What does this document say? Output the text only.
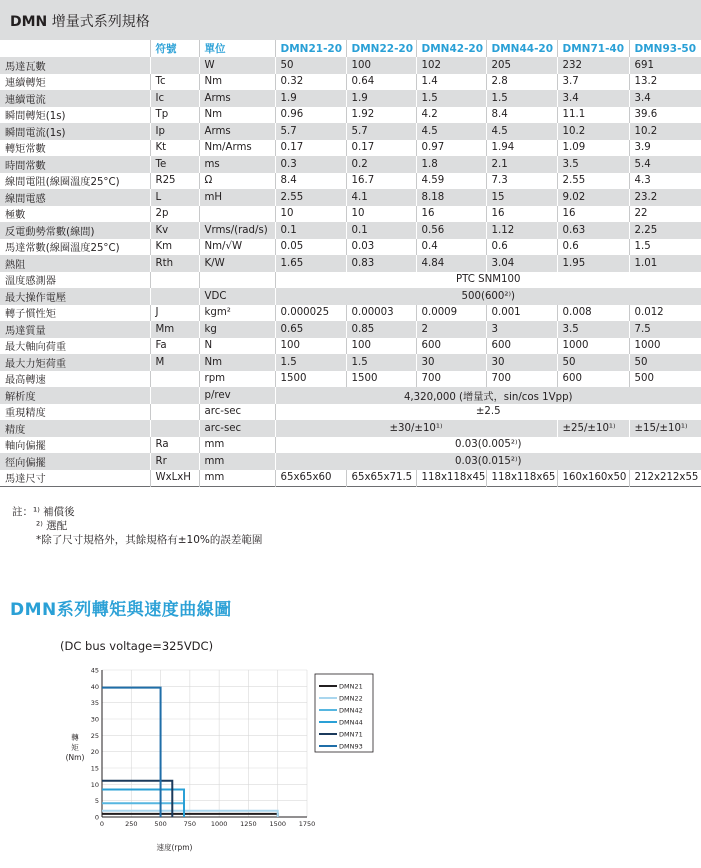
DMN 增量式系列規格
	符號	單位	DMN21-20	DMN22-20	DMN42-20	DMN44-20	DMN71-40	DMN93-50
馬達瓦數		W	50	100	102	205	232	691
連續轉矩	Tc	Nm	0.32	0.64	1.4	2.8	3.7	13.2
連續電流	Ic	Arms	1.9	1.9	1.5	1.5	3.4	3.4
瞬間轉矩(1s)	Tp	Nm	0.96	1.92	4.2	8.4	11.1	39.6
瞬間電流(1s)	Ip	Arms	5.7	5.7	4.5	4.5	10.2	10.2
轉矩常數	Kt	Nm/Arms	0.17	0.17	0.97	1.94	1.09	3.9
時間常數	Te	ms	0.3	0.2	1.8	2.1	3.5	5.4
線間電阻(線圈溫度25°C)	R25	Ω	8.4	16.7	4.59	7.3	2.55	4.3
線間電感	L	mH	2.55	4.1	8.18	15	9.02	23.2
極數	2p		10	10	16	16	16	22
反電動勢常數(線間)	Kv	Vrms/(rad/s)	0.1	0.1	0.56	1.12	0.63	2.25
馬達常數(線圈溫度25°C)	Km	Nm/√W	0.05	0.03	0.4	0.6	0.6	1.5
熱阻	Rth	K/W	1.65	0.83	4.84	3.04	1.95	1.01
溫度感測器			PTC SNM100					
最大操作電壓		VDC	500(600²⁾)					
轉子慣性矩	J	kgm²	0.000025	0.00003	0.0009	0.001	0.008	0.012
馬達質量	Mm	kg	0.65	0.85	2	3	3.5	7.5
最大軸向荷重	Fa	N	100	100	600	600	1000	1000
最大力矩荷重	M	Nm	1.5	1.5	30	30	50	50
最高轉速		rpm	1500	1500	700	700	600	500
解析度		p/rev	4,320,000 (增量式，sin/cos 1Vpp)					
重現精度		arc-sec	±2.5					
精度		arc-sec	±30/±10¹⁾				±25/±10¹⁾	±15/±10¹⁾
軸向偏擺	Ra	mm	0.03(0.005²⁾)					
徑向偏擺	Rr	mm	0.03(0.015²⁾)					
馬達尺寸	WxLxH	mm	65x65x60	65x65x71.5	118x118x45	118x118x65	160x160x50	212x212x55
註：¹⁾ 補償後
²⁾ 選配
*除了尺寸規格外，其餘規格有±10%的誤差範圍
DMN系列轉矩與速度曲線圖
(DC bus voltage=325VDC)
0
5
10
15
20
25
30
35
40
45
0	250	500	750 1000 1250 1500 1750
轉
矩
(Nm)
速度(rpm)
DMN21
DMN22
DMN42
DMN44
DMN71
DMN93
